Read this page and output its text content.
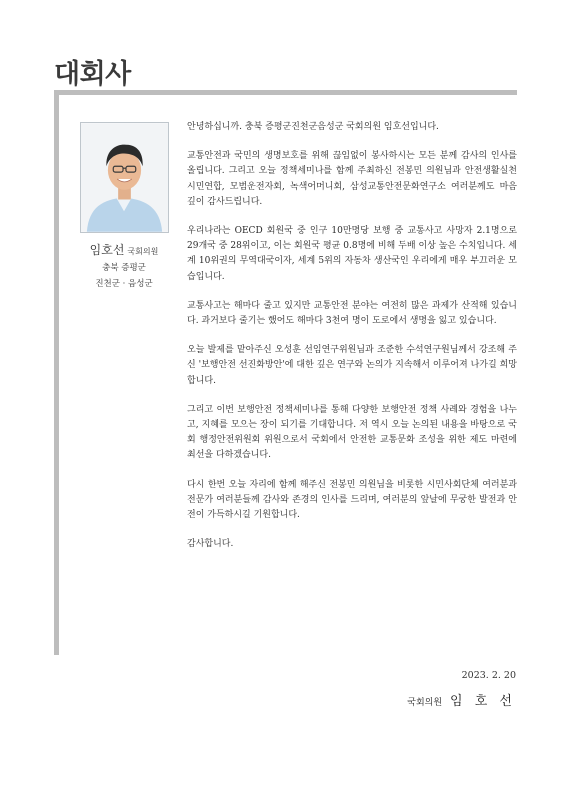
대회사
임호선 국회의원
충북 증평군
진천군 · 음성군

안녕하십니까. 충북 증평군진천군음성군 국회의원 임호선입니다.

교통안전과 국민의 생명보호를 위해 끊임없이 봉사하시는 모든 분께 감사의 인사를 올립니다. 그리고 오늘 정책세미나를 함께 주최하신 전봉민 의원님과 안전생활실천시민연합, 모범운전자회, 녹색어머니회, 삼성교통안전문화연구소 여러분께도 마음 깊이 감사드립니다.

우리나라는 OECD 회원국 중 인구 10만명당 보행 중 교통사고 사망자 2.1명으로 29개국 중 28위이고, 이는 회원국 평균 0.8명에 비해 두배 이상 높은 수치입니다. 세계 10위권의 무역대국이자, 세계 5위의 자동차 생산국인 우리에게 매우 부끄러운 모습입니다.

교통사고는 해마다 줄고 있지만 교통안전 분야는 여전히 많은 과제가 산적해 있습니다. 과거보다 줄기는 했어도 해마다 3천여 명이 도로에서 생명을 잃고 있습니다.

오늘 발제를 맡아주신 오성훈 선임연구위원님과 조준한 수석연구원님께서 강조해 주신 '보행안전 선진화방안'에 대한 깊은 연구와 논의가 지속해서 이루어져 나가길 희망합니다.

그리고 이번 보행안전 정책세미나를 통해 다양한 보행안전 정책 사례와 경험을 나누고, 지혜를 모으는 장이 되기를 기대합니다. 저 역시 오늘 논의된 내용을 바탕으로 국회 행정안전위원회 위원으로서 국회에서 안전한 교통문화 조성을 위한 제도 마련에 최선을 다하겠습니다.

다시 한번 오늘 자리에 함께 해주신 전봉민 의원님을 비롯한 시민사회단체 여러분과 전문가 여러분들께 감사와 존경의 인사를 드리며, 여러분의 앞날에 무궁한 발전과 안전이 가득하시길 기원합니다.

감사합니다.

2023. 2. 20
국회의원 임 호 선
